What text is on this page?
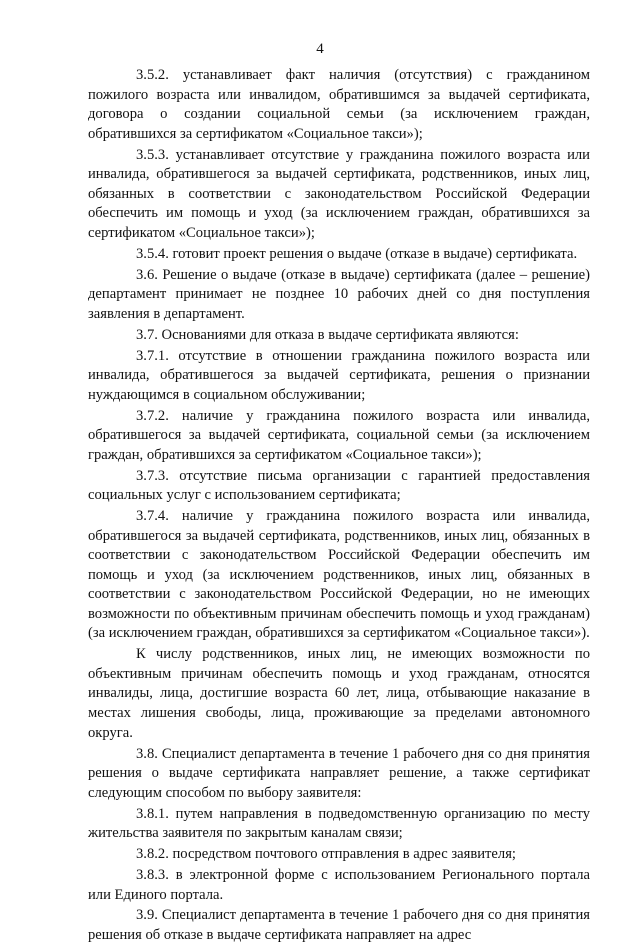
4

3.5.2. устанавливает факт наличия (отсутствия) с гражданином пожилого возраста или инвалидом, обратившимся за выдачей сертификата, договора о создании социальной семьи (за исключением граждан, обратившихся за сертификатом «Социальное такси»);

3.5.3. устанавливает отсутствие у гражданина пожилого возраста или инвалида, обратившегося за выдачей сертификата, родственников, иных лиц, обязанных в соответствии с законодательством Российской Федерации обеспечить им помощь и уход (за исключением граждан, обратившихся за сертификатом «Социальное такси»);

3.5.4. готовит проект решения о выдаче (отказе в выдаче) сертификата.

3.6. Решение о выдаче (отказе в выдаче) сертификата (далее – решение) департамент принимает не позднее 10 рабочих дней со дня поступления заявления в департамент.

3.7. Основаниями для отказа в выдаче сертификата являются:

3.7.1. отсутствие в отношении гражданина пожилого возраста или инвалида, обратившегося за выдачей сертификата, решения о признании нуждающимся в социальном обслуживании;

3.7.2. наличие у гражданина пожилого возраста или инвалида, обратившегося за выдачей сертификата, социальной семьи (за исключением граждан, обратившихся за сертификатом «Социальное такси»);

3.7.3. отсутствие письма организации с гарантией предоставления социальных услуг с использованием сертификата;

3.7.4. наличие у гражданина пожилого возраста или инвалида, обратившегося за выдачей сертификата, родственников, иных лиц, обязанных в соответствии с законодательством Российской Федерации обеспечить им помощь и уход (за исключением родственников, иных лиц, обязанных в соответствии с законодательством Российской Федерации, но не имеющих возможности по объективным причинам обеспечить помощь и уход гражданам) (за исключением граждан, обратившихся за сертификатом «Социальное такси»).

К числу родственников, иных лиц, не имеющих возможности по объективным причинам обеспечить помощь и уход гражданам, относятся инвалиды, лица, достигшие возраста 60 лет, лица, отбывающие наказание в местах лишения свободы, лица, проживающие за пределами автономного округа.

3.8. Специалист департамента в течение 1 рабочего дня со дня принятия решения о выдаче сертификата направляет решение, а также сертификат следующим способом по выбору заявителя:

3.8.1. путем направления в подведомственную организацию по месту жительства заявителя по закрытым каналам связи;

3.8.2. посредством почтового отправления в адрес заявителя;

3.8.3. в электронной форме с использованием Регионального портала или Единого портала.

3.9. Специалист департамента в течение 1 рабочего дня со дня принятия решения об отказе в выдаче сертификата направляет на адрес
